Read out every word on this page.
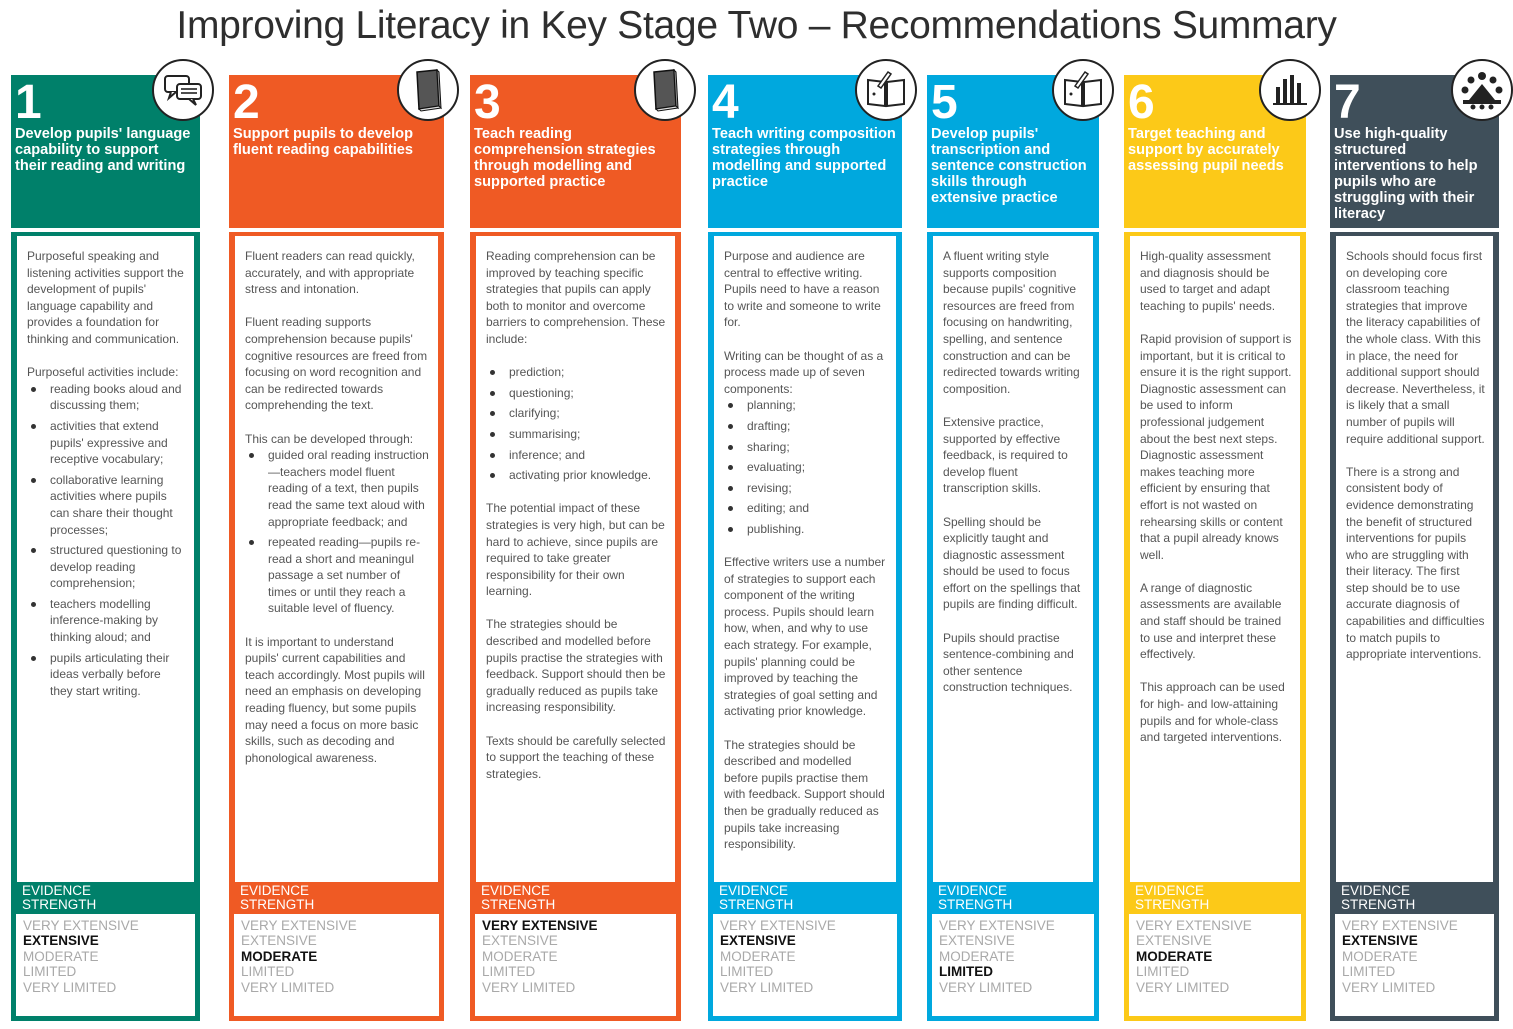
Improving Literacy in Key Stage Two – Recommendations Summary
1
Develop pupils' language capability to support their reading and writing

Purposeful speaking and listening activities support the development of pupils' language capability and provides a foundation for thinking and communication.

Purposeful activities include:

reading books aloud and discussing them;
activities that extend pupils' expressive and receptive vocabulary;
collaborative learning activities where pupils can share their thought processes;
structured questioning to develop reading comprehension;
teachers modelling inference-making by thinking aloud; and
pupils articulating their ideas verbally before they start writing.
EVIDENCE
STRENGTH
VERY EXTENSIVE
EXTENSIVE
MODERATE
LIMITED
VERY LIMITED
2
Support pupils to develop fluent reading capabilities

Fluent readers can read quickly, accurately, and with appropriate stress and intonation.

Fluent reading supports comprehension because pupils' cognitive resources are freed from focusing on word recognition and can be redirected towards comprehending the text.

This can be developed through:

guided oral reading instruction—teachers model fluent reading of a text, then pupils read the same text aloud with appropriate feedback; and
repeated reading—pupils re-read a short and meaningul passage a set number of times or until they reach a suitable level of fluency.

It is important to understand pupils' current capabilities and teach accordingly. Most pupils will need an emphasis on developing reading fluency, but some pupils may need a focus on more basic skills, such as decoding and phonological awareness.

EVIDENCE
STRENGTH
VERY EXTENSIVE
EXTENSIVE
MODERATE
LIMITED
VERY LIMITED
3
Teach reading comprehension strategies through modelling and supported practice

Reading comprehension can be improved by teaching specific strategies that pupils can apply both to monitor and overcome barriers to comprehension. These include:

prediction;
questioning;
clarifying;
summarising;
inference; and
activating prior knowledge.

The potential impact of these strategies is very high, but can be hard to achieve, since pupils are required to take greater responsibility for their own learning.

The strategies should be described and modelled before pupils practise the strategies with feedback. Support should then be gradually reduced as pupils take increasing responsibility.

Texts should be carefully selected to support the teaching of these strategies.

EVIDENCE
STRENGTH
VERY EXTENSIVE
EXTENSIVE
MODERATE
LIMITED
VERY LIMITED
4
Teach writing composition strategies through modelling and supported practice

Purpose and audience are central to effective writing. Pupils need to have a reason to write and someone to write for.

Writing can be thought of as a process made up of seven components:

planning;
drafting;
sharing;
evaluating;
revising;
editing; and
publishing.

Effective writers use a number of strategies to support each component of the writing process. Pupils should learn how, when, and why to use each strategy. For example, pupils' planning could be improved by teaching the strategies of goal setting and activating prior knowledge.

The strategies should be described and modelled before pupils practise them with feedback. Support should then be gradually reduced as pupils take increasing responsibility.

EVIDENCE
STRENGTH
VERY EXTENSIVE
EXTENSIVE
MODERATE
LIMITED
VERY LIMITED
5
Develop pupils' transcription and sentence construction skills through extensive practice

A fluent writing style supports composition because pupils' cognitive resources are freed from focusing on handwriting, spelling, and sentence construction and can be redirected towards writing composition.

Extensive practice, supported by effective feedback, is required to develop fluent transcription skills.

Spelling should be explicitly taught and diagnostic assessment should be used to focus effort on the spellings that pupils are finding difficult.

Pupils should practise sentence-combining and other sentence construction techniques.

EVIDENCE
STRENGTH
VERY EXTENSIVE
EXTENSIVE
MODERATE
LIMITED
VERY LIMITED
6
Target teaching and support by accurately assessing pupil needs

High-quality assessment and diagnosis should be used to target and adapt teaching to pupils' needs.

Rapid provision of support is important, but it is critical to ensure it is the right support. Diagnostic assessment can be used to inform professional judgement about the best next steps. Diagnostic assessment makes teaching more efficient by ensuring that effort is not wasted on rehearsing skills or content that a pupil already knows well.

A range of diagnostic assessments are available and staff should be trained to use and interpret these effectively.

This approach can be used for high- and low-attaining pupils and for whole-class and targeted interventions.

EVIDENCE
STRENGTH
VERY EXTENSIVE
EXTENSIVE
MODERATE
LIMITED
VERY LIMITED
7
Use high-quality structured interventions to help pupils who are struggling with their literacy

Schools should focus first on developing core classroom teaching strategies that improve the literacy capabilities of the whole class. With this in place, the need for additional support should decrease. Nevertheless, it is likely that a small number of pupils will require additional support.

There is a strong and consistent body of evidence demonstrating the benefit of structured interventions for pupils who are struggling with their literacy. The first step should be to use accurate diagnosis of capabilities and difficulties to match pupils to appropriate interventions.

EVIDENCE
STRENGTH
VERY EXTENSIVE
EXTENSIVE
MODERATE
LIMITED
VERY LIMITED
